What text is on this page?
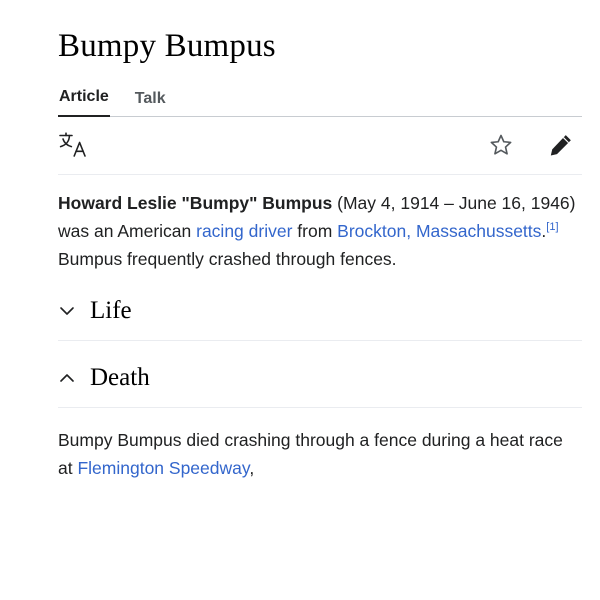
Bumpy Bumpus
Article Talk

Howard Leslie "Bumpy" Bumpus (May 4, 1914 – June 16, 1946) was an American racing driver from Brockton, Massachussetts.[1]

Bumpus frequently crashed through fences.

Life
Death
Bumpy Bumpus died crashing through a fence during a heat race at Flemington Speedway,
